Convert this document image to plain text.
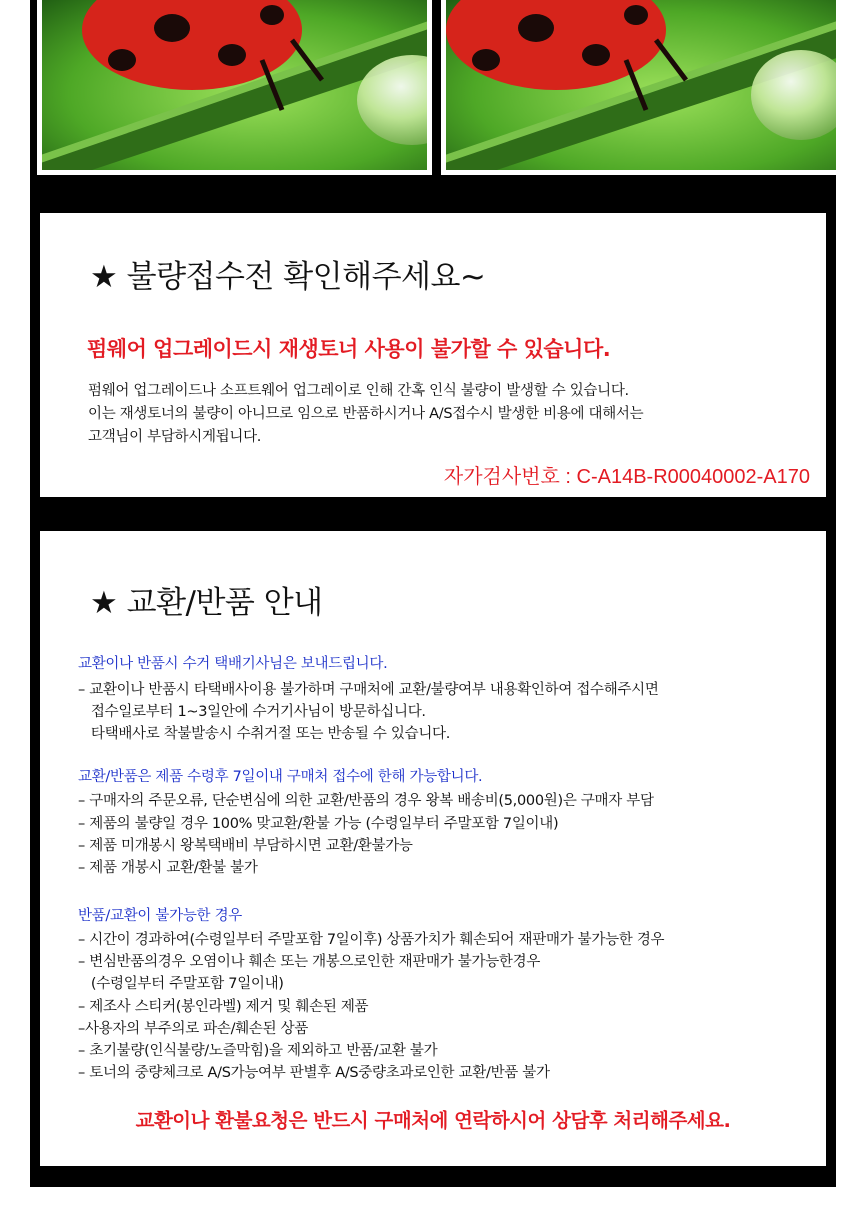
★ 불량접수전 확인해주세요~
펌웨어 업그레이드시 재생토너 사용이 불가할 수 있습니다.
펌웨어 업그레이드나 소프트웨어 업그레이로 인해 간혹 인식 불량이 발생할 수 있습니다.
이는 재생토너의 불량이 아니므로 임으로 반품하시거나 A/S접수시 발생한 비용에 대해서는
고객님이 부담하시게됩니다.
자가검사번호 : C-A14B-R00040002-A170
★ 교환/반품 안내
교환이나 반품시 수거 택배기사님은 보내드립니다.
– 교환이나 반품시 타택배사이용 불가하며 구매처에 교환/불량여부 내용확인하여 접수해주시면
접수일로부터 1~3일안에 수거기사님이 방문하십니다.
타택배사로 착불발송시 수취거절 또는 반송될 수 있습니다.
교환/반품은 제품 수령후 7일이내 구매처 접수에 한해 가능합니다.
– 구매자의 주문오류, 단순변심에 의한 교환/반품의 경우 왕복 배송비(5,000원)은 구매자 부담
– 제품의 불량일 경우 100% 맞교환/환불 가능 (수령일부터 주말포함 7일이내)
– 제품 미개봉시 왕복택배비 부담하시면 교환/환불가능
– 제품 개봉시 교환/환불 불가
반품/교환이 불가능한 경우
– 시간이 경과하여(수령일부터 주말포함 7일이후) 상품가치가 훼손되어 재판매가 불가능한 경우
– 변심반품의경우 오염이나 훼손 또는 개봉으로인한 재판매가 불가능한경우
(수령일부터 주말포함 7일이내)
– 제조사 스티커(봉인라벨) 제거 및 훼손된 제품
–사용자의 부주의로 파손/훼손된 상품
– 초기불량(인식불량/노즐막힘)을 제외하고 반품/교환 불가
– 토너의 중량체크로 A/S가능여부 판별후 A/S중량초과로인한 교환/반품 불가
교환이나 환불요청은 반드시 구매처에 연락하시어 상담후 처리해주세요.
